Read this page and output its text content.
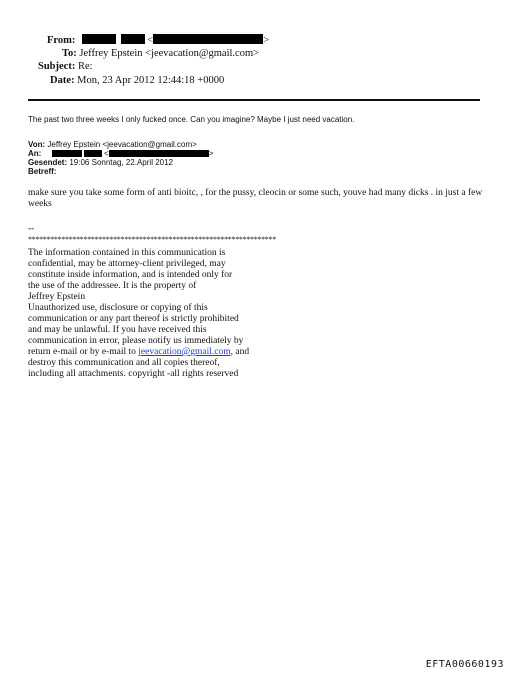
From:	<	>
To: Jeffrey Epstein <jeevacation@gmail.com>
Subject: Re:
Date: Mon, 23 Apr 2012 12:44:18 +0000
The past two three weeks I only fucked once. Can you imagine? Maybe I just need vacation.
Von: Jeffrey Epstein <jeevacation@gmail.com>
An:	<	>
Gesendet: 19:06 Sonntag, 22.April 2012
Betreff:
make sure you take some form of anti bioitc, , for the pussy, cleocin or some such, youve had many dicks . in just a few weeks
--
*******************************************************************
The information contained in this communication is
confidential, may be attorney-client privileged, may
constitute inside information, and is intended only for
the use of the addressee. It is the property of
Jeffrey Epstein
Unauthorized use, disclosure or copying of this
communication or any part thereof is strictly prohibited
and may be unlawful. If you have received this
communication in error, please notify us immediately by
return e-mail or by e-mail to jeevacation@gmail.com, and
destroy this communication and all copies thereof,
including all attachments. copyright -all rights reserved
EFTA00660193
